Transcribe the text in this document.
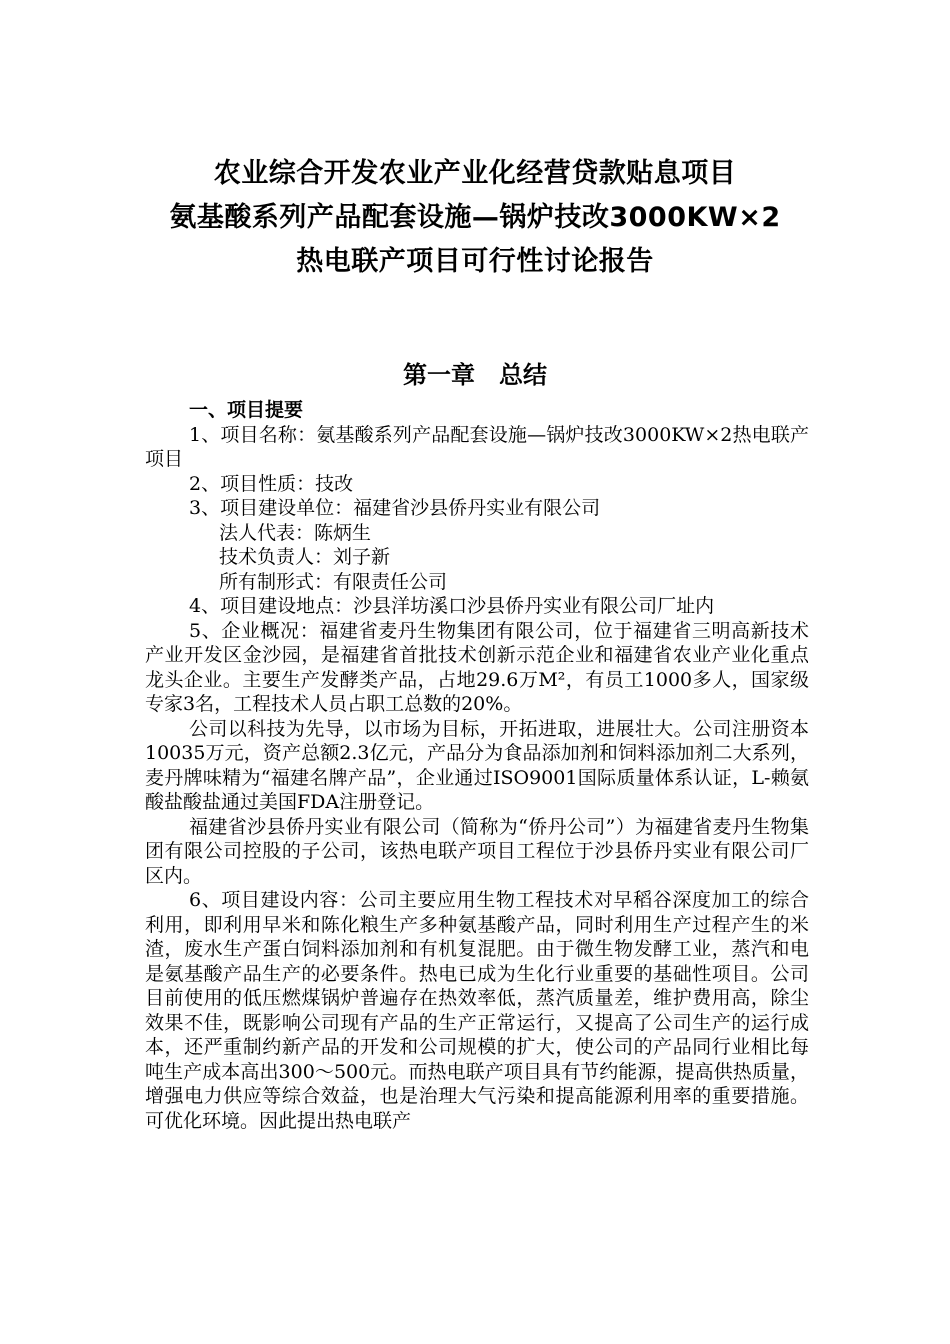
农业综合开发农业产业化经营贷款贴息项目
氨基酸系列产品配套设施—锅炉技改3000KW×2
热电联产项目可行性讨论报告
第一章　总结
一、项目提要

1、项目名称：氨基酸系列产品配套设施—锅炉技改3000KW×2热电联产项目

2、项目性质：技改

3、项目建设单位：福建省沙县侨丹实业有限公司

法人代表：陈炳生

技术负责人：刘子新

所有制形式：有限责任公司

4、项目建设地点：沙县洋坊溪口沙县侨丹实业有限公司厂址内

5、企业概况：福建省麦丹生物集团有限公司，位于福建省三明高新技术产业开发区金沙园，是福建省首批技术创新示范企业和福建省农业产业化重点龙头企业。主要生产发酵类产品，占地29.6万M²，有员工1000多人，国家级专家3名，工程技术人员占职工总数的20%。

公司以科技为先导，以市场为目标，开拓进取，进展壮大。公司注册资本10035万元，资产总额2.3亿元，产品分为食品添加剂和饲料添加剂二大系列，麦丹牌味精为“福建名牌产品”，企业通过ISO9001国际质量体系认证，L-赖氨酸盐酸盐通过美国FDA注册登记。

福建省沙县侨丹实业有限公司（简称为“侨丹公司”）为福建省麦丹生物集团有限公司控股的子公司，该热电联产项目工程位于沙县侨丹实业有限公司厂区内。

6、项目建设内容：公司主要应用生物工程技术对早稻谷深度加工的综合利用，即利用早米和陈化粮生产多种氨基酸产品，同时利用生产过程产生的米渣，废水生产蛋白饲料添加剂和有机复混肥。由于微生物发酵工业，蒸汽和电是氨基酸产品生产的必要条件。热电已成为生化行业重要的基础性项目。公司目前使用的低压燃煤锅炉普遍存在热效率低，蒸汽质量差，维护费用高，除尘效果不佳，既影响公司现有产品的生产正常运行，又提高了公司生产的运行成本，还严重制约新产品的开发和公司规模的扩大，使公司的产品同行业相比每吨生产成本高出300～500元。而热电联产项目具有节约能源，提高供热质量，增强电力供应等综合效益，也是治理大气污染和提高能源利用率的重要措施。可优化环境。因此提出热电联产
